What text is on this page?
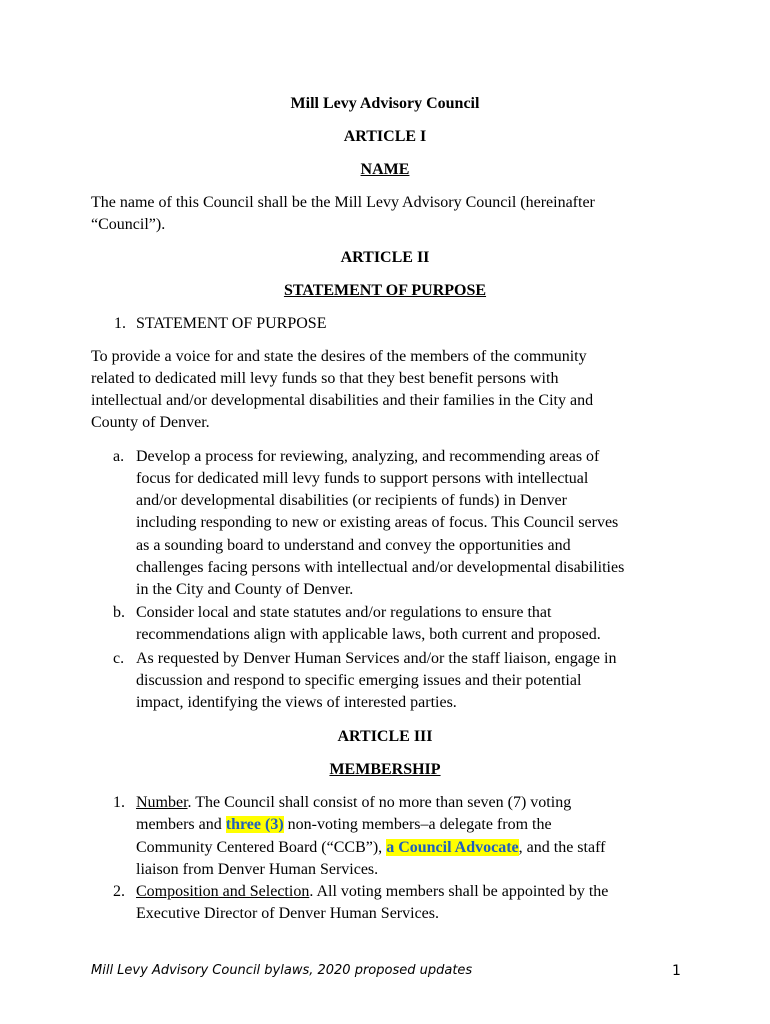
Mill Levy Advisory Council
ARTICLE I
NAME
The name of this Council shall be the Mill Levy Advisory Council (hereinafter
“Council”).
ARTICLE II
STATEMENT OF PURPOSE
1. STATEMENT OF PURPOSE
To provide a voice for and state the desires of the members of the community
related to dedicated mill levy funds so that they best benefit persons with
intellectual and/or developmental disabilities and their families in the City and
County of Denver.
a. Develop a process for reviewing, analyzing, and recommending areas of
focus for dedicated mill levy funds to support persons with intellectual
and/or developmental disabilities (or recipients of funds) in Denver
including responding to new or existing areas of focus. This Council serves
as a sounding board to understand and convey the opportunities and
challenges facing persons with intellectual and/or developmental disabilities
in the City and County of Denver.
b. Consider local and state statutes and/or regulations to ensure that
recommendations align with applicable laws, both current and proposed.
c. As requested by Denver Human Services and/or the staff liaison, engage in
discussion and respond to specific emerging issues and their potential
impact, identifying the views of interested parties.
ARTICLE III
MEMBERSHIP
1. Number. The Council shall consist of no more than seven (7) voting
members and three (3) non-voting members–a delegate from the
Community Centered Board (“CCB”), a Council Advocate, and the staff
liaison from Denver Human Services.
2. Composition and Selection. All voting members shall be appointed by the
Executive Director of Denver Human Services.
Mill Levy Advisory Council bylaws, 2020 proposed updates	1
